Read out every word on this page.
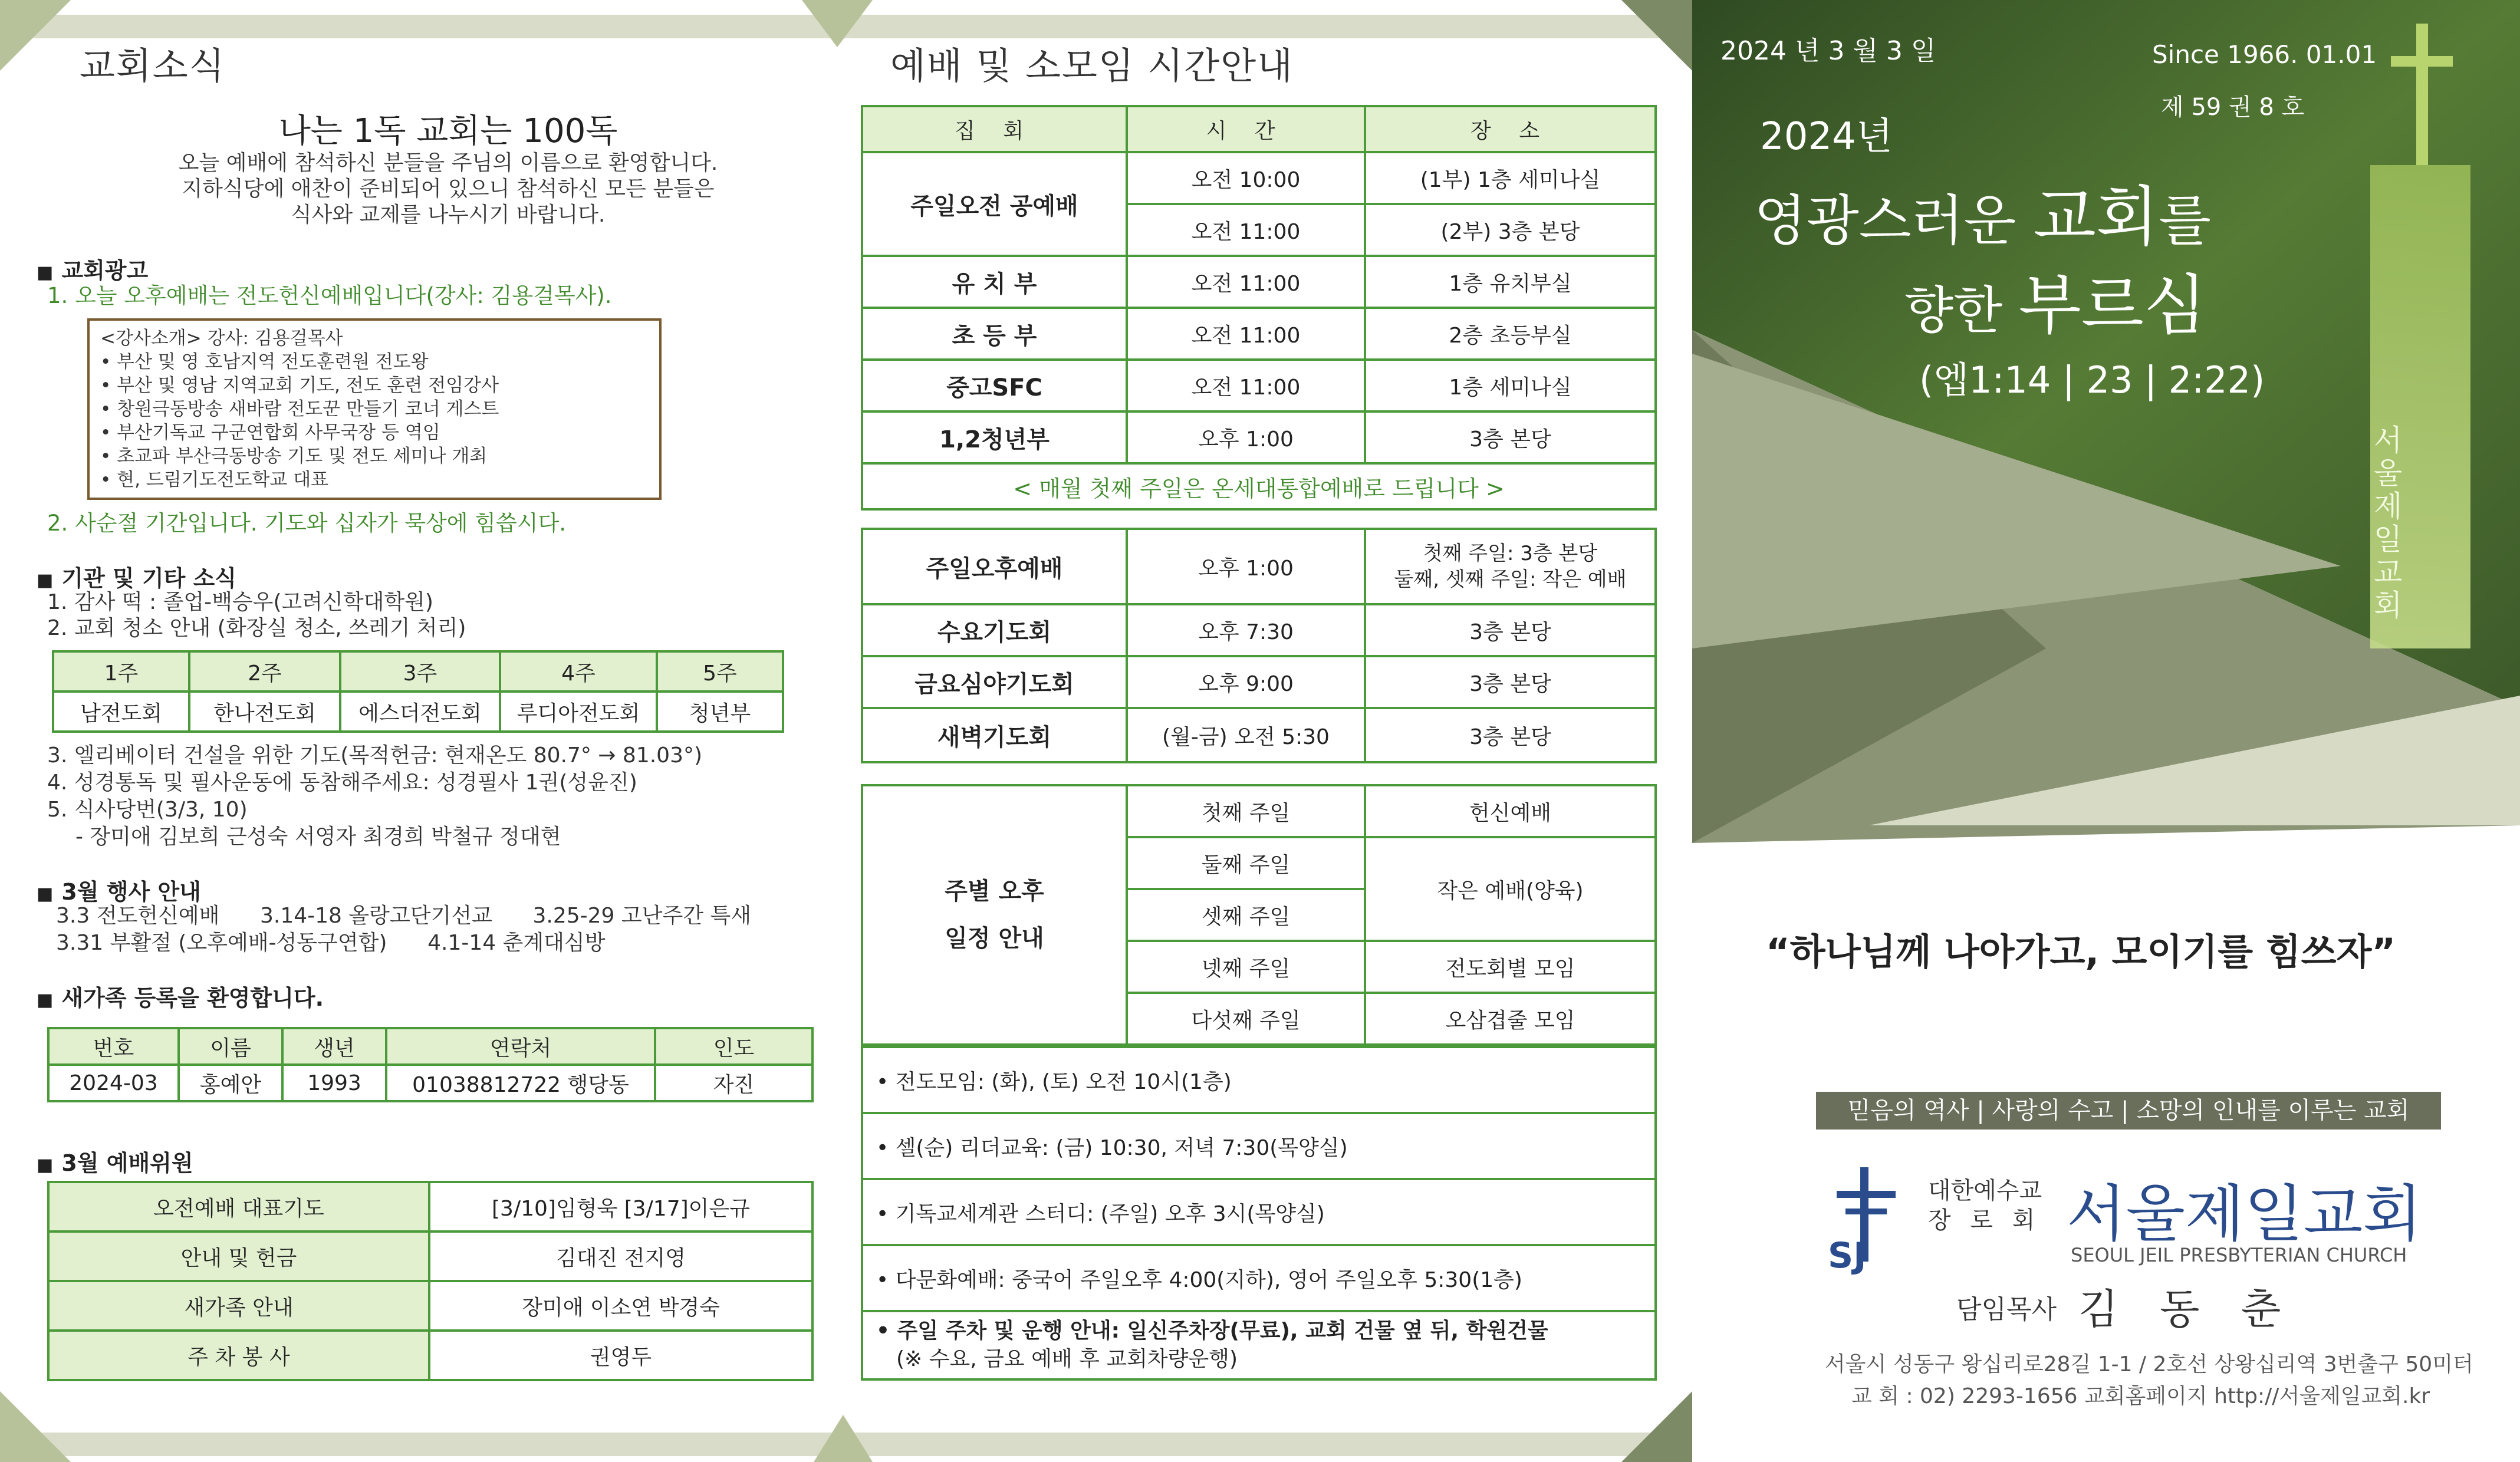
교회소식
나는 1독 교회는 100독
오늘 예배에 참석하신 분들을 주님의 이름으로 환영합니다.
지하식당에 애찬이 준비되어 있으니 참석하신 모든 분들은
식사와 교제를 나누시기 바랍니다.
■ 교회광고
1. 오늘 오후예배는 전도헌신예배입니다(강사: 김용걸목사).
<강사소개> 강사: 김용걸목사
• 부산 및 영 호남지역 전도훈련원 전도왕
• 부산 및 영남 지역교회 기도, 전도 훈련 전임강사
• 창원극동방송 새바람 전도꾼 만들기 코너 게스트
• 부산기독교 구군연합회 사무국장 등 역임
• 초교파 부산극동방송 기도 및 전도 세미나 개최
• 현, 드림기도전도학교 대표
2. 사순절 기간입니다. 기도와 십자가 묵상에 힘씁시다.
■ 기관 및 기타 소식
1. 감사 떡 : 졸업-백승우(고려신학대학원)
2. 교회 청소 안내 (화장실 청소, 쓰레기 처리)
1주	2주	3주	4주	5주
남전도회	한나전도회	에스더전도회	루디아전도회	청년부
3. 엘리베이터 건설을 위한 기도(목적헌금: 현재온도 80.7° → 81.03°)
4. 성경통독 및 필사운동에 동참해주세요: 성경필사 1권(성윤진)
5. 식사당번(3/3, 10)
- 장미애 김보희 근성숙 서영자 최경희 박철규 정대현
■ 3월 행사 안내
3.3 전도헌신예배      3.14-18 올랑고단기선교      3.25-29 고난주간 특새
3.31 부활절 (오후예배-성동구연합)      4.1-14 춘계대심방
■ 새가족 등록을 환영합니다.
번호	이름	생년	연락처	인도
2024-03	홍예안	1993	01038812722 행당동	자진
■ 3월 예배위원
오전예배 대표기도	[3/10]임형욱 [3/17]이은규
안내 및 헌금	김대진 전지영
새가족 안내	장미애 이소연 박경숙
주 차 봉 사	권영두
예배 및 소모임 시간안내
집 회	시 간	장 소
주일오전 공예배	오전 10:00	(1부) 1층 세미나실
	오전 11:00	(2부) 3층 본당
유 치 부	오전 11:00	1층 유치부실
초 등 부	오전 11:00	2층 초등부실
중고SFC	오전 11:00	1층 세미나실
1,2청년부	오후 1:00	3층 본당
< 매월 첫째 주일은 온세대통합예배로 드립니다 >		
주일오후예배	오후 1:00	첫째 주일: 3층 본당
둘째, 셋째 주일: 작은 예배

수요기도회	오후 7:30	3층 본당
금요심야기도회	오후 9:00	3층 본당
새벽기도회	(월-금) 오전 5:30	3층 본당
주별 오후
일정 안내	첫째 주일	헌신예배
	둘째 주일	작은 예배(양육)
	셋째 주일	
	넷째 주일	전도회별 모임
	다섯째 주일	오삼겹줄 모임
• 전도모임: (화), (토) 오전 10시(1층)
• 셀(순) 리더교육: (금) 10:30, 저녁 7:30(목양실)
• 기독교세계관 스터디: (주일) 오후 3시(목양실)
• 다문화예배: 중국어 주일오후 4:00(지하), 영어 주일오후 5:30(1층)

• 주일 주차 및 운행 안내: 일신주차장(무료), 교회 건물 옆 뒤, 학원건물
(※ 수요, 금요 예배 후 교회차량운행)
2024 년 3 월 3 일	Since 1966. 01.01
제 59 권 8 호
2024년
영광스러운 교회를
향한 부르심
(엡1:14 | 23 | 2:22)
서울제일교회
“하나님께 나아가고, 모이기를 힘쓰자”
믿음의 역사 | 사랑의 수고 | 소망의 인내를 이루는 교회
SJ
대한예수교
장 로 회 서울제일교회
SEOUL JEIL PRESBYTERIAN CHURCH
담임목사 김 동 춘
서울시 성동구 왕십리로28길 1-1 / 2호선 상왕십리역 3번출구 50미터
교 회 : 02) 2293-1656 교회홈페이지 http://서울제일교회.kr
